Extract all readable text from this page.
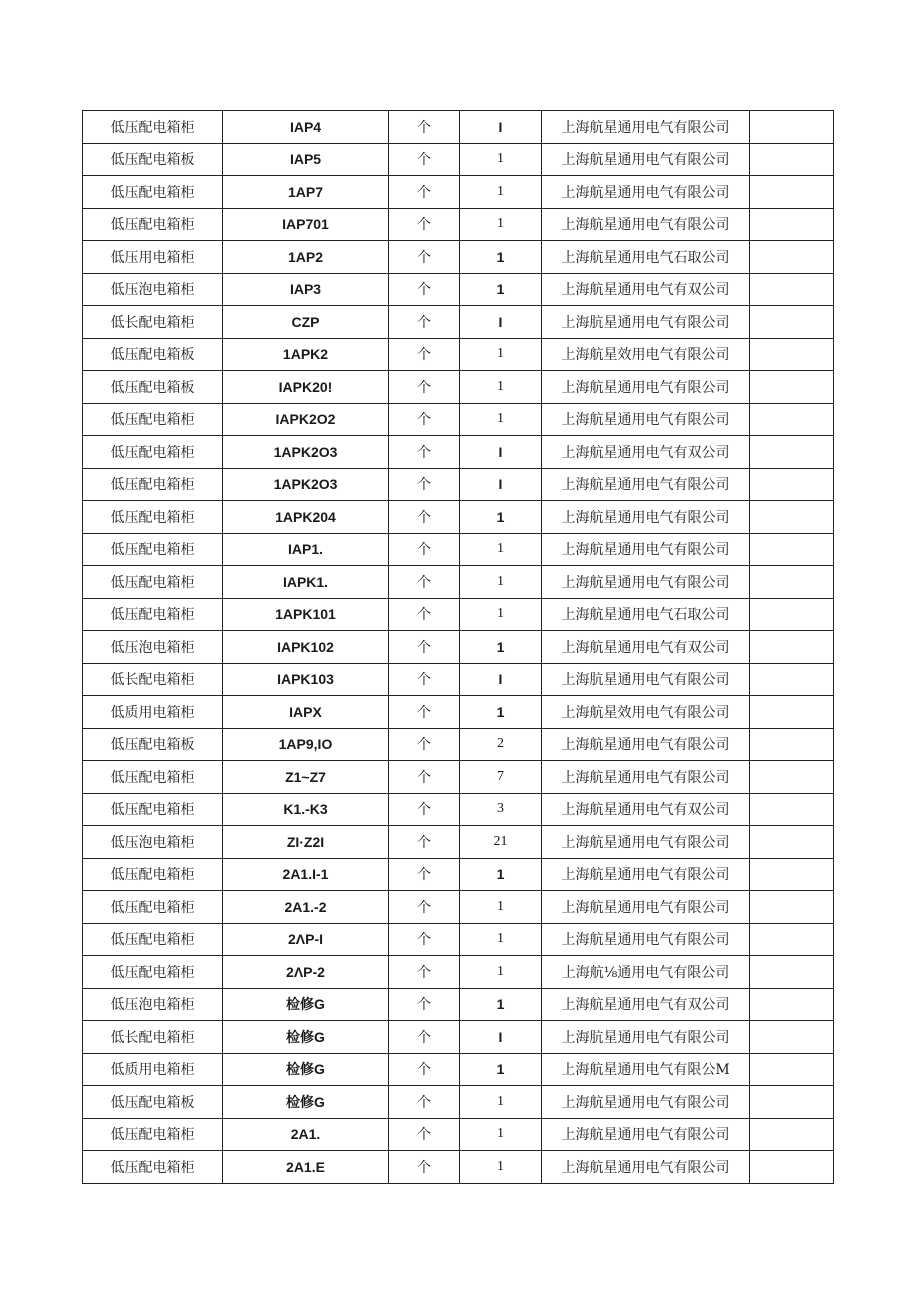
低压配电箱柜	IAP4	个	I	上海航星通用电气有限公司	
低压配电箱板	IAP5	个	1	上海航星通用电气有限公司	
低压配电箱柜	1AP7	个	1	上海航星通用电气有限公司	
低压配电箱柜	IAP701	个	1	上海航星通用电气有限公司	
低压用电箱柜	1AP2	个	1	上海航星通用电气石取公司	
低压泡电箱柜	IAP3	个	1	上海航星通用电气有双公司	
低长配电箱柜	CZP	个	I	上海肮星通用电气有限公司	
低压配电箱板	1APK2	个	1	上海航星效用电气有限公司	
低压配电箱板	IAPK20!	个	1	上海航星通用电气有限公司	
低压配电箱柜	IAPK2O2	个	1	上海航星通用电气有限公司	
低压配电箱柜	1APK2O3	个	I	上海航星通用电气有双公司	
低压配电箱柜	1APK2O3	个	I	上海航星通用电气有限公司	
低压配电箱柜	1APK204	个	1	上海航星通用电气有限公司	
低压配电箱柜	IAP1.	个	1	上海航星通用电气有限公司	
低压配电箱柜	IAPK1.	个	1	上海航星通用电气有限公司	
低压配电箱柜	1APK101	个	1	上海航星通用电气石取公司	
低压泡电箱柜	IAPK102	个	1	上海航星通用电气有双公司	
低长配电箱柜	IAPK103	个	I	上海肮星通用电气有限公司	
低质用电箱柜	IAPX	个	1	上海航星效用电气有限公司	
低压配电箱板	1AP9,IO	个	2	上海航星通用电气有限公司	
低压配电箱柜	Z1~Z7	个	7	上海航星通用电气有限公司	
低压配电箱柜	K1.-K3	个	3	上海航星通用电气有双公司	
低压泡电箱柜	ZI·Z2I	个	21	上海航星通用电气有限公司	
低压配电箱柜	2A1.I-1	个	1	上海航星通用电气有限公司	
低压配电箱柜	2A1.-2	个	1	上海航星通用电气有限公司	
低压配电箱柜	2ΛP-I	个	1	上海航星通用电气有限公司	
低压配电箱柜	2ΛP-2	个	1	上海航⅛通用电气有限公司	
低压泡电箱柜	检修G	个	1	上海航星通用电气有双公司	
低长配电箱柜	检修G	个	I	上海肮星通用电气有限公司	
低质用电箱柜	检修G	个	1	上海航星通用电气有限公M	
低压配电箱板	检修G	个	1	上海航星通用电气有限公司	
低压配电箱柜	2A1.	个	1	上海航星通用电气有限公司	
低压配电箱柜	2A1.E	个	1	上海航星通用电气有限公司	
